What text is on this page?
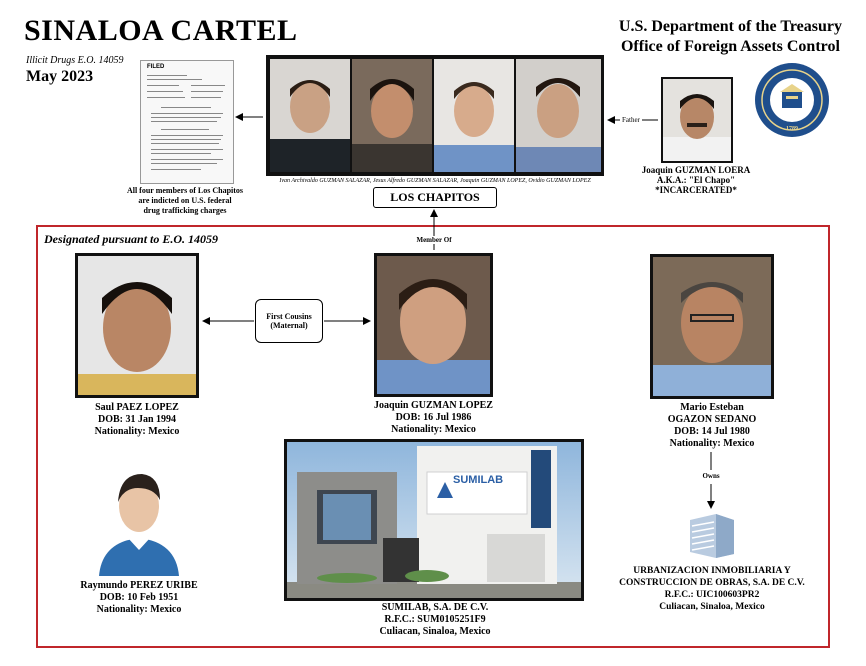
SINALOA CARTEL
Illicit Drugs E.O. 14059
May 2023
U.S. Department of the Treasury
Office of Foreign Assets Control
1789
FILED
All four members of Los Chapitos
are indicted on U.S. federal
drug trafficking charges
Ivan Archivaldo GUZMAN SALAZAR, Jesus Alfredo GUZMAN SALAZAR, Joaquin GUZMAN LOPEZ, Ovidio GUZMAN LOPEZ
LOS CHAPITOS
Joaquin GUZMAN LOERA
A.K.A.: "El Chapo"
*INCARCERATED*
Designated pursuant to E.O. 14059
Father
Member Of
First Cousins
(Maternal)
Owns
Saul PAEZ LOPEZ
DOB: 31 Jan 1994
Nationality: Mexico
Joaquin GUZMAN LOPEZ
DOB: 16 Jul 1986
Nationality: Mexico
Mario Esteban
OGAZON SEDANO
DOB: 14 Jul 1980
Nationality: Mexico
Raymundo PEREZ URIBE
DOB: 10 Feb 1951
Nationality: Mexico
SUMILAB
SUMILAB, S.A. DE C.V.
R.F.C.: SUM0105251F9
Culiacan, Sinaloa, Mexico
URBANIZACION INMOBILIARIA Y
CONSTRUCCION DE OBRAS, S.A. DE C.V.
R.F.C.: UIC100603PR2
Culiacan, Sinaloa, Mexico
